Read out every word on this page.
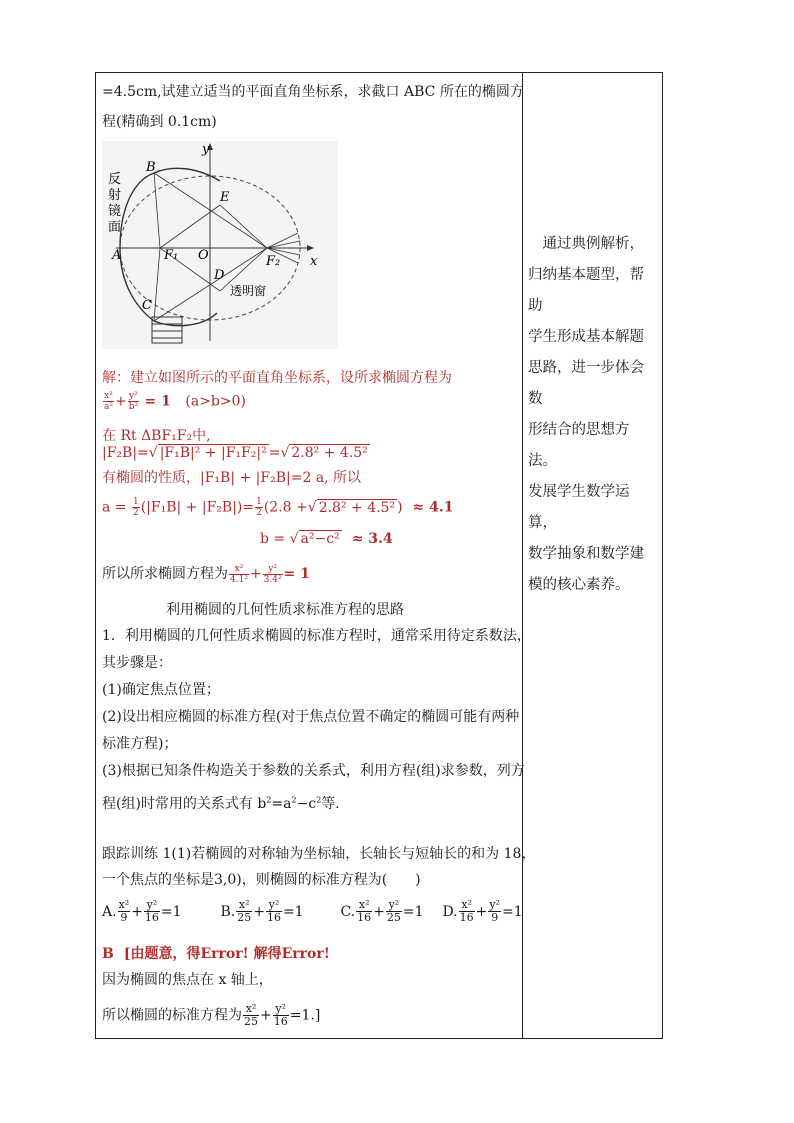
=4.5cm,试建立适当的平面直角坐标系，求截口 ABC 所在的椭圆方
程(精确到 0.1cm)
反
射
镜
面
B
E
A	F₁ O
D
F₂
C
y
x
透明窗
解：建立如图所示的平面直角坐标系，设所求椭圆方程为
$\frac{\text{x²}}{\text{a²}} + \frac{\text{y²}}{\text{b²}} = 1$ (a>b>0)
在 Rt ΔBF₁F₂中,
|F₂B|=√ |F₁B|² + |F₁F₂|² =√ 2.8² + 4.5²
有椭圆的性质，|F₁B| + |F₂B|=2 a, 所以
$a = \frac{1}{2} (|F_1B| + |F_2B|)= \frac{1}{2} (2.8$ +√ 2.8² + 4.5² ) ≈ 4.1
b = √ a²−c² ≈ 3.4
所以所求椭圆方程为 $\frac{\text{x²}}{\text{4.1²}} + \frac{\text{y²}}{\text{3.4²}} = 1$
利用椭圆的几何性质求标准方程的思路
1．利用椭圆的几何性质求椭圆的标准方程时，通常采用待定系数法，
其步骤是：
(1)确定焦点位置；
(2)设出相应椭圆的标准方程(对于焦点位置不确定的椭圆可能有两种
标准方程)；
(3)根据已知条件构造关于参数的关系式，利用方程(组)求参数，列方
程(组)时常用的关系式有 $b^2=a^2-c^2$等．
跟踪训练 1(1)若椭圆的对称轴为坐标轴，长轴长与短轴长的和为 18，
一个焦点的坐标是3,0)，则椭圆的标准方程为(　　)
A. $\frac{\text{x²}}{9} + \frac{\text{y²}}{16} =1$	B. $\frac{\text{x²}}{25} + \frac{\text{y²}}{16} =1$	C. $\frac{\text{x²}}{16} + \frac{\text{y²}}{25} =1$ D. $\frac{\text{x²}}{16} + \frac{\text{y²}}{9} =1$
B [由题意，得Error! 解得Error!
因为椭圆的焦点在 x 轴上，
所以椭圆的标准方程为 $\frac{\text{x²}}{25} + \frac{\text{y²}}{16} =1$.]
　通过典例解析，
归纳基本题型，帮助
学生形成基本解题
思路，进一步体会数
形结合的思想方法。
发展学生数学运算，
数学抽象和数学建
模的核心素养。
